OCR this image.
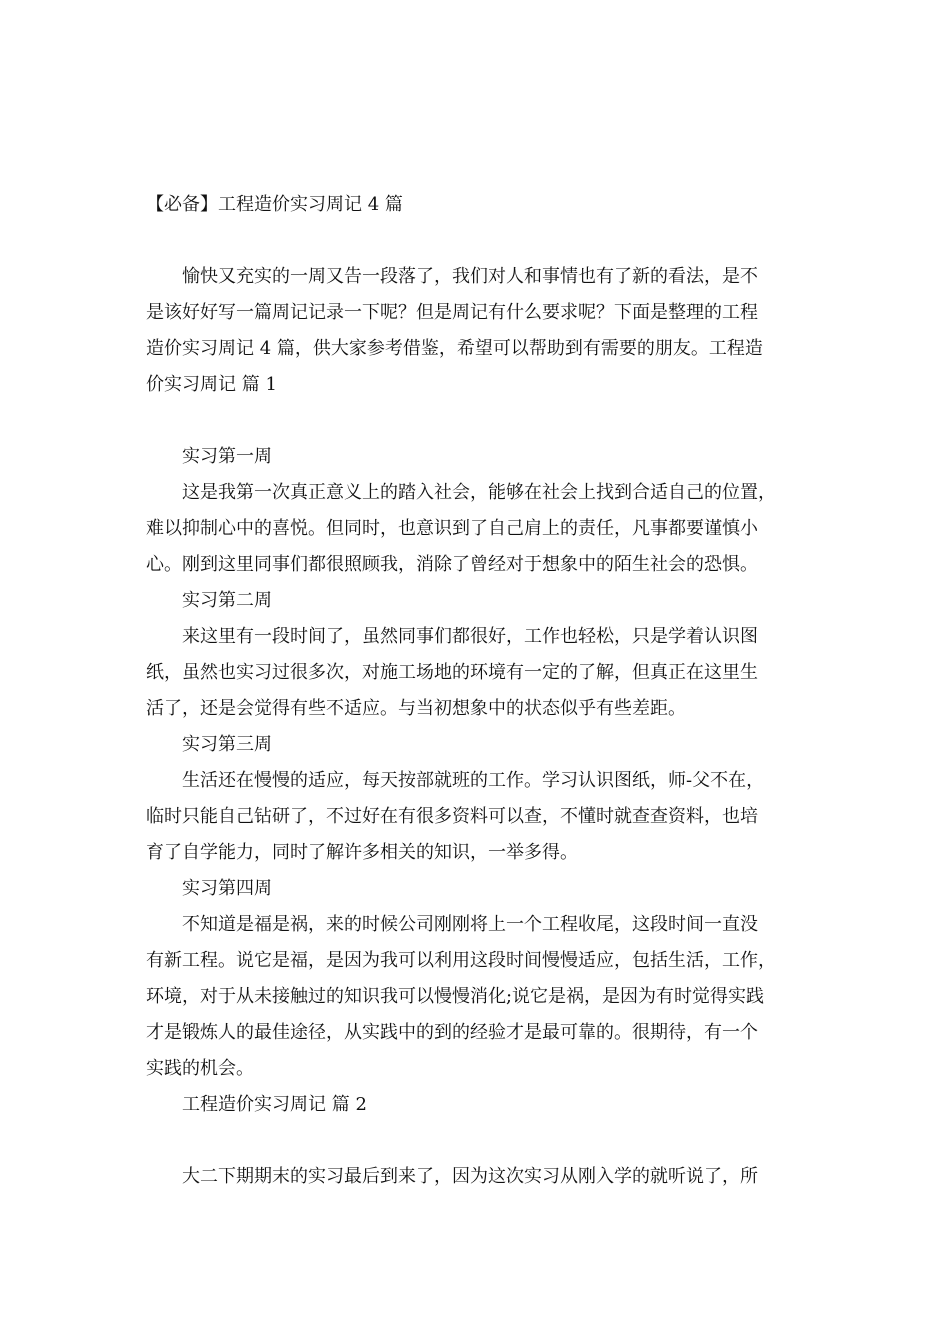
【必备】工程造价实习周记 4 篇
愉快又充实的一周又告一段落了，我们对人和事情也有了新的看法，是不
是该好好写一篇周记记录一下呢？但是周记有什么要求呢？下面是整理的工程
造价实习周记 4 篇，供大家参考借鉴，希望可以帮助到有需要的朋友。工程造
价实习周记 篇 1
实习第一周
这是我第一次真正意义上的踏入社会，能够在社会上找到合适自己的位置，
难以抑制心中的喜悦。但同时，也意识到了自己肩上的责任，凡事都要谨慎小
心。刚到这里同事们都很照顾我，消除了曾经对于想象中的陌生社会的恐惧。
实习第二周
来这里有一段时间了，虽然同事们都很好，工作也轻松，只是学着认识图
纸，虽然也实习过很多次，对施工场地的环境有一定的了解，但真正在这里生
活了，还是会觉得有些不适应。与当初想象中的状态似乎有些差距。
实习第三周
生活还在慢慢的适应，每天按部就班的工作。学习认识图纸，师-父不在，
临时只能自己钻研了，不过好在有很多资料可以查，不懂时就查查资料，也培
育了自学能力，同时了解许多相关的知识，一举多得。
实习第四周
不知道是福是祸，来的时候公司刚刚将上一个工程收尾，这段时间一直没
有新工程。说它是福，是因为我可以利用这段时间慢慢适应，包括生活，工作，
环境，对于从未接触过的知识我可以慢慢消化;说它是祸，是因为有时觉得实践
才是锻炼人的最佳途径，从实践中的到的经验才是最可靠的。很期待，有一个
实践的机会。
工程造价实习周记 篇 2
大二下期期末的实习最后到来了，因为这次实习从刚入学的就听说了，所
